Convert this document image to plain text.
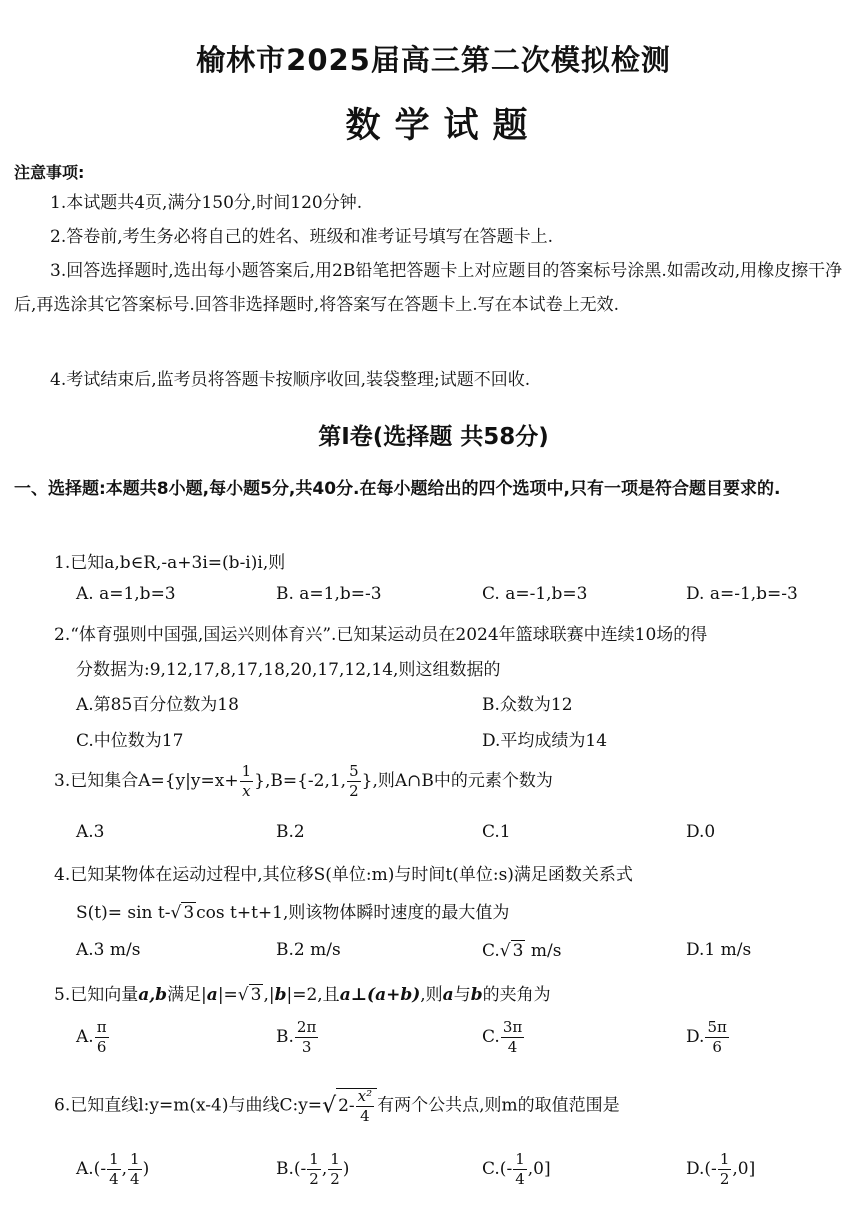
榆林市2025届高三第二次模拟检测
数学试题
注意事项:
1.本试题共4页,满分150分,时间120分钟.
2.答卷前,考生务必将自己的姓名、班级和准考证号填写在答题卡上.
3.回答选择题时,选出每小题答案后,用2B铅笔把答题卡上对应题目的答案标号涂黑.如需改动,用橡皮擦干净后,再选涂其它答案标号.回答非选择题时,将答案写在答题卡上.写在本试卷上无效.
4.考试结束后,监考员将答题卡按顺序收回,装袋整理;试题不回收.
第Ⅰ卷(选择题 共58分)
一、选择题:本题共8小题,每小题5分,共40分.在每小题给出的四个选项中,只有一项是符合题目要求的.
1.已知a,b∈R,-a+3i=(b-i)i,则
A. a=1,b=3	B. a=1,b=-3	C. a=-1,b=3	D. a=-1,b=-3
2.“体育强则中国强,国运兴则体育兴”.已知某运动员在2024年篮球联赛中连续10场的得
分数据为:9,12,17,8,17,18,20,17,12,14,则这组数据的
A.第85百分位数为18	B.众数为12
C.中位数为17	D.平均成绩为14
3.已知集合$A=\{y|y=x+ \frac{1}{x} \},B=\{-2,1$, $\frac{5}{2}$ },则A∩B中的元素个数为
A.3	B.2	C.1	D.0
4.已知某物体在运动过程中,其位移S(单位:m)与时间t(单位:s)满足函数关系式
S(t)= sin t-√ 3 cos t+t+1,则该物体瞬时速度的最大值为
A.3 m/s	B.2 m/s	C.√ 3 m/s	D.1 m/s
5.已知向量a,b满足|a|=√ 3 ,|b|=2,且a⊥(a+b),则a与b的夹角为
A. $\frac{\pi}{6}$	B. $\frac{2\pi}{3}$	C. $\frac{3\pi}{4}$	D. $\frac{5\pi}{6}$
6.已知直线l:y=m(x-4)与曲线C:y=√ $2- \frac{\text{x²}}{4}$ 有两个公共点,则m的取值范围是
$A.(- \frac{1}{4}$ , $\frac{1}{4}$ )	$B.(- \frac{1}{2}$ , $\frac{1}{2}$ )	$C.(- \frac{1}{4} ,0]$	$D.(- \frac{1}{2} ,0]$
